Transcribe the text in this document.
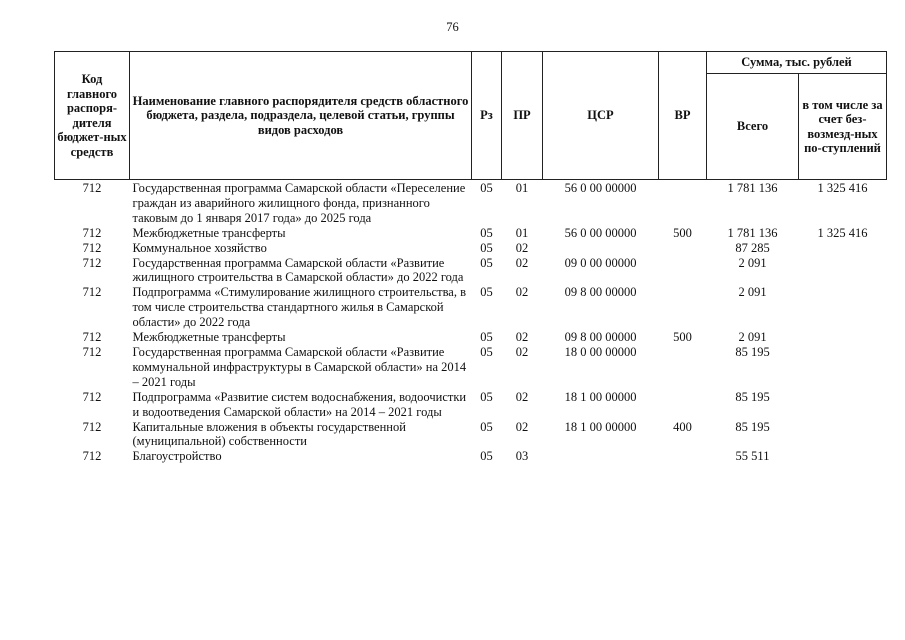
76
Код главного распоря-дителя бюджет-ных средств	Наименование главного распорядителя средств областного бюджета, раздела, подраздела, целевой статьи, группы видов расходов	Рз	ПР	ЦСР	ВР	Сумма, тыс. рублей	
						Всего	в том числе за счет без-возмезд-ных по-ступлений
712	Государственная программа Самарской области «Переселение граждан из аварийного жилищного фонда, признанного таковым до 1 января 2017 года» до 2025 года	05	01	56 0 00 00000		1 781 136	1 325 416
712	Межбюджетные трансферты	05	01	56 0 00 00000	500	1 781 136	1 325 416
712	Коммунальное хозяйство	05	02			87 285	
712	Государственная программа Самарской области «Развитие жилищного строительства в Самарской области» до 2022 года	05	02	09 0 00 00000		2 091	
712	Подпрограмма «Стимулирование жилищного строительства, в том числе строительства стандартного жилья в Самарской области» до 2022 года	05	02	09 8 00 00000		2 091	
712	Межбюджетные трансферты	05	02	09 8 00 00000	500	2 091	
712	Государственная программа Самарской области «Развитие коммунальной инфраструктуры в Самарской области» на 2014 – 2021 годы	05	02	18 0 00 00000		85 195	
712	Подпрограмма «Развитие систем водоснабжения, водоочистки и водоотведения Самарской области» на 2014 – 2021 годы	05	02	18 1 00 00000		85 195	
712	Капитальные вложения в объекты государственной (муниципальной) собственности	05	02	18 1 00 00000	400	85 195	
712	Благоустройство	05	03			55 511	
